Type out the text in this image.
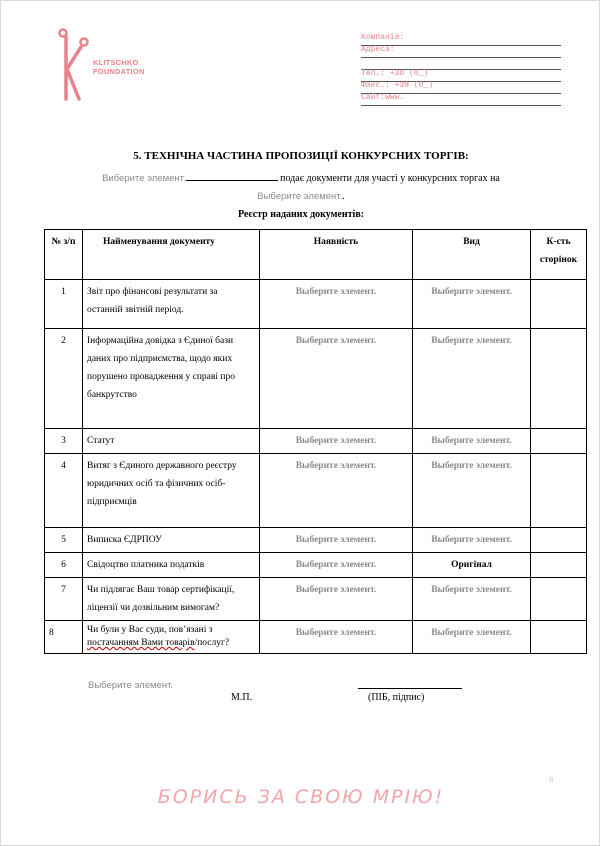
KLITSCHKO
FOUNDATION
Компанія:
Адреса:
Тел.: +38 (0_)
Факс.: +38 (0_)
Сайт:www.
5. ТЕХНІЧНА ЧАСТИНА ПРОПОЗИЦІЇ КОНКУРСНИХ ТОРГІВ:
Виберите элемент.	подає документи для участі у конкурсних торгах на
Выберите элемент..
Реєстр наданих документів:
№ з/п	Найменування документу	Наявність	Вид	К-сть сторінок
1	Звіт про фінансові результати за останній звітній період.	Выберите элемент.	Выберите элемент.	
2	Інформаційна довідка з Єдиної бази даних про підприємства, щодо яких порушено провадження у справі про банкрутство	Выберите элемент.	Выберите элемент.	
3	Статут	Выберите элемент.	Выберите элемент.	
4	Витяг з Єдиного державного реєстру юридичних осіб та фізичних осіб- підприємців	Выберите элемент.	Выберите элемент.	
5	Виписка ЄДРПОУ	Выберите элемент.	Выберите элемент.	
6	Свідоцтво платника податків	Выберите элемент.	Оригінал	
7	Чи підлягає Ваш товар сертифікації, ліцензії чи дозвільним вимогам?	Выберите элемент.	Выберите элемент.	
8	Чи були у Вас суди, пов’язані з постачанням Вами товарів/послуг?	Выберите элемент.	Выберите элемент.	
Выберите элемент.
М.П.	(ПІБ, підпис)
6
БОРИСЬ ЗА СВОЮ МРІЮ!
